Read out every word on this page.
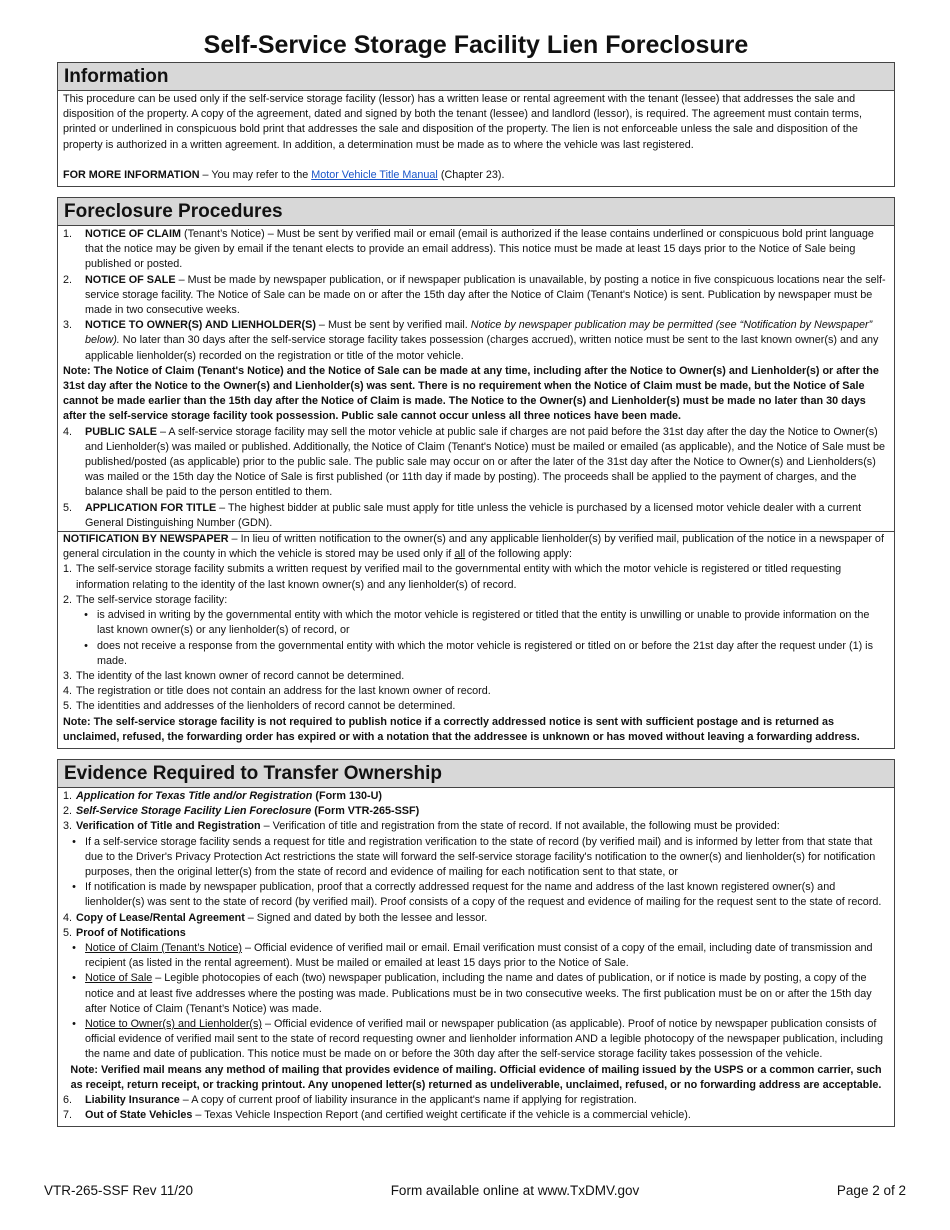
Self-Service Storage Facility Lien Foreclosure
Information

This procedure can be used only if the self-service storage facility (lessor) has a written lease or rental agreement with the tenant (lessee) that addresses the sale and disposition of the property. A copy of the agreement, dated and signed by both the tenant (lessee) and landlord (lessor), is required. The agreement must contain terms, printed or underlined in conspicuous bold print that addresses the sale and disposition of the property. The lien is not enforceable unless the sale and disposition of the property is authorized in a written agreement. In addition, a determination must be made as to where the vehicle was last registered.

FOR MORE INFORMATION – You may refer to the Motor Vehicle Title Manual (Chapter 23).

Foreclosure Procedures
1.	NOTICE OF CLAIM (Tenant’s Notice) – Must be sent by verified mail or email (email is authorized if the lease contains underlined or conspicuous bold print language that the notice may be given by email if the tenant elects to provide an email address). This notice must be made at least 15 days prior to the Notice of Sale being published or posted.
2.	NOTICE OF SALE – Must be made by newspaper publication, or if newspaper publication is unavailable, by posting a notice in five conspicuous locations near the self-service storage facility. The Notice of Sale can be made on or after the 15th day after the Notice of Claim (Tenant's Notice) is sent. Publication by newspaper must be made in two consecutive weeks.
3.	NOTICE TO OWNER(S) AND LIENHOLDER(S) – Must be sent by verified mail. Notice by newspaper publication may be permitted (see “Notification by Newspaper” below). No later than 30 days after the self-service storage facility takes possession (charges accrued), written notice must be sent to the last known owner(s) and any applicable lienholder(s) recorded on the registration or title of the motor vehicle.

Note: The Notice of Claim (Tenant's Notice) and the Notice of Sale can be made at any time, including after the Notice to Owner(s) and Lienholder(s) or after the 31st day after the Notice to the Owner(s) and Lienholder(s) was sent. There is no requirement when the Notice of Claim must be made, but the Notice of Sale cannot be made earlier than the 15th day after the Notice of Claim is made. The Notice to the Owner(s) and Lienholder(s) must be made no later than 30 days after the self-service storage facility took possession. Public sale cannot occur unless all three notices have been made.

4.	PUBLIC SALE – A self-service storage facility may sell the motor vehicle at public sale if charges are not paid before the 31st day after the day the Notice to Owner(s) and Lienholder(s) was mailed or published. Additionally, the Notice of Claim (Tenant's Notice) must be mailed or emailed (as applicable), and the Notice of Sale must be published/posted (as applicable) prior to the public sale. The public sale may occur on or after the later of the 31st day after the Notice to Owner(s) and Lienholders(s) was mailed or the 15th day the Notice of Sale is first published (or 11th day if made by posting). The proceeds shall be applied to the payment of charges, and the balance shall be paid to the person entitled to them.
5.	APPLICATION FOR TITLE – The highest bidder at public sale must apply for title unless the vehicle is purchased by a licensed motor vehicle dealer with a current General Distinguishing Number (GDN).

NOTIFICATION BY NEWSPAPER – In lieu of written notification to the owner(s) and any applicable lienholder(s) by verified mail, publication of the notice in a newspaper of general circulation in the county in which the vehicle is stored may be used only if all of the following apply:

1. The self-service storage facility submits a written request by verified mail to the governmental entity with which the motor vehicle is registered or titled requesting information relating to the identity of the last known owner(s) and any lienholder(s) of record.
2. The self-service storage facility:
• is advised in writing by the governmental entity with which the motor vehicle is registered or titled that the entity is unwilling or unable to provide information on the last known owner(s) or any lienholder(s) of record, or
• does not receive a response from the governmental entity with which the motor vehicle is registered or titled on or before the 21st day after the request under (1) is made.
3. The identity of the last known owner of record cannot be determined.
4. The registration or title does not contain an address for the last known owner of record.
5. The identities and addresses of the lienholders of record cannot be determined.

Note: The self-service storage facility is not required to publish notice if a correctly addressed notice is sent with sufficient postage and is returned as unclaimed, refused, the forwarding order has expired or with a notation that the addressee is unknown or has moved without leaving a forwarding address.

Evidence Required to Transfer Ownership
1. Application for Texas Title and/or Registration (Form 130-U)
2. Self-Service Storage Facility Lien Foreclosure (Form VTR-265-SSF)
3. Verification of Title and Registration – Verification of title and registration from the state of record. If not available, the following must be provided:
• If a self-service storage facility sends a request for title and registration verification to the state of record (by verified mail) and is informed by letter from that state that due to the Driver's Privacy Protection Act restrictions the state will forward the self-service storage facility's notification to the owner(s) and lienholder(s) for notification purposes, then the original letter(s) from the state of record and evidence of mailing for each notification sent to that state, or
• If notification is made by newspaper publication, proof that a correctly addressed request for the name and address of the last known registered owner(s) and lienholder(s) was sent to the state of record (by verified mail). Proof consists of a copy of the request and evidence of mailing for the request sent to the state of record.
4. Copy of Lease/Rental Agreement – Signed and dated by both the lessee and lessor.
5. Proof of Notifications
• Notice of Claim (Tenant’s Notice) – Official evidence of verified mail or email. Email verification must consist of a copy of the email, including date of transmission and recipient (as listed in the rental agreement). Must be mailed or emailed at least 15 days prior to the Notice of Sale.
• Notice of Sale – Legible photocopies of each (two) newspaper publication, including the name and dates of publication, or if notice is made by posting, a copy of the notice and at least five addresses where the posting was made. Publications must be in two consecutive weeks. The first publication must be on or after the 15th day after Notice of Claim (Tenant’s Notice) was made.
• Notice to Owner(s) and Lienholder(s) – Official evidence of verified mail or newspaper publication (as applicable). Proof of notice by newspaper publication consists of official evidence of verified mail sent to the state of record requesting owner and lienholder information AND a legible photocopy of the newspaper publication, including the name and date of publication. This notice must be made on or before the 30th day after the self-service storage facility takes possession of the vehicle.

Note: Verified mail means any method of mailing that provides evidence of mailing. Official evidence of mailing issued by the USPS or a common carrier, such as receipt, return receipt, or tracking printout. Any unopened letter(s) returned as undeliverable, unclaimed, refused, or no forwarding address are acceptable.

6.	Liability Insurance – A copy of current proof of liability insurance in the applicant's name if applying for registration.
7.	Out of State Vehicles – Texas Vehicle Inspection Report (and certified weight certificate if the vehicle is a commercial vehicle).
VTR-265-SSF Rev 11/20	Form available online at www.TxDMV.gov	Page 2 of 2
